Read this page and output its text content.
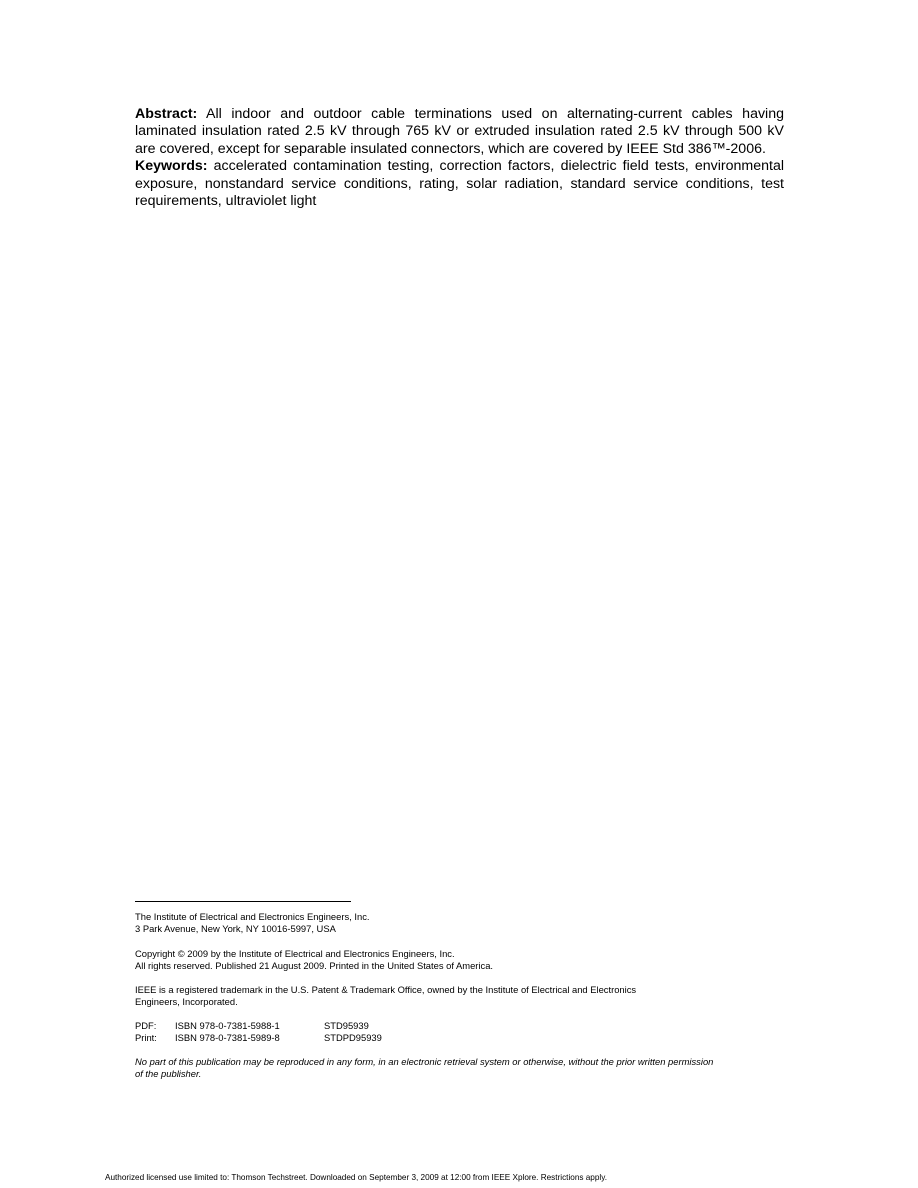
Abstract: All indoor and outdoor cable terminations used on alternating-current cables having laminated insulation rated 2.5 kV through 765 kV or extruded insulation rated 2.5 kV through 500 kV are covered, except for separable insulated connectors, which are covered by IEEE Std 386™-2006.

Keywords: accelerated contamination testing, correction factors, dielectric field tests, environmental exposure, nonstandard service conditions, rating, solar radiation, standard service conditions, test requirements, ultraviolet light

The Institute of Electrical and Electronics Engineers, Inc.

3 Park Avenue, New York, NY 10016-5997, USA

Copyright © 2009 by the Institute of Electrical and Electronics Engineers, Inc.

All rights reserved. Published 21 August 2009. Printed in the United States of America.

IEEE is a registered trademark in the U.S. Patent & Trademark Office, owned by the Institute of Electrical and Electronics

Engineers, Incorporated.

PDF:	ISBN 978-0-7381-5988-1	STD95939
Print:	ISBN 978-0-7381-5989-8	STDPD95939

No part of this publication may be reproduced in any form, in an electronic retrieval system or otherwise, without the prior written permission

of the publisher.

Authorized licensed use limited to: Thomson Techstreet. Downloaded on September 3, 2009 at 12:00 from IEEE Xplore. Restrictions apply.
